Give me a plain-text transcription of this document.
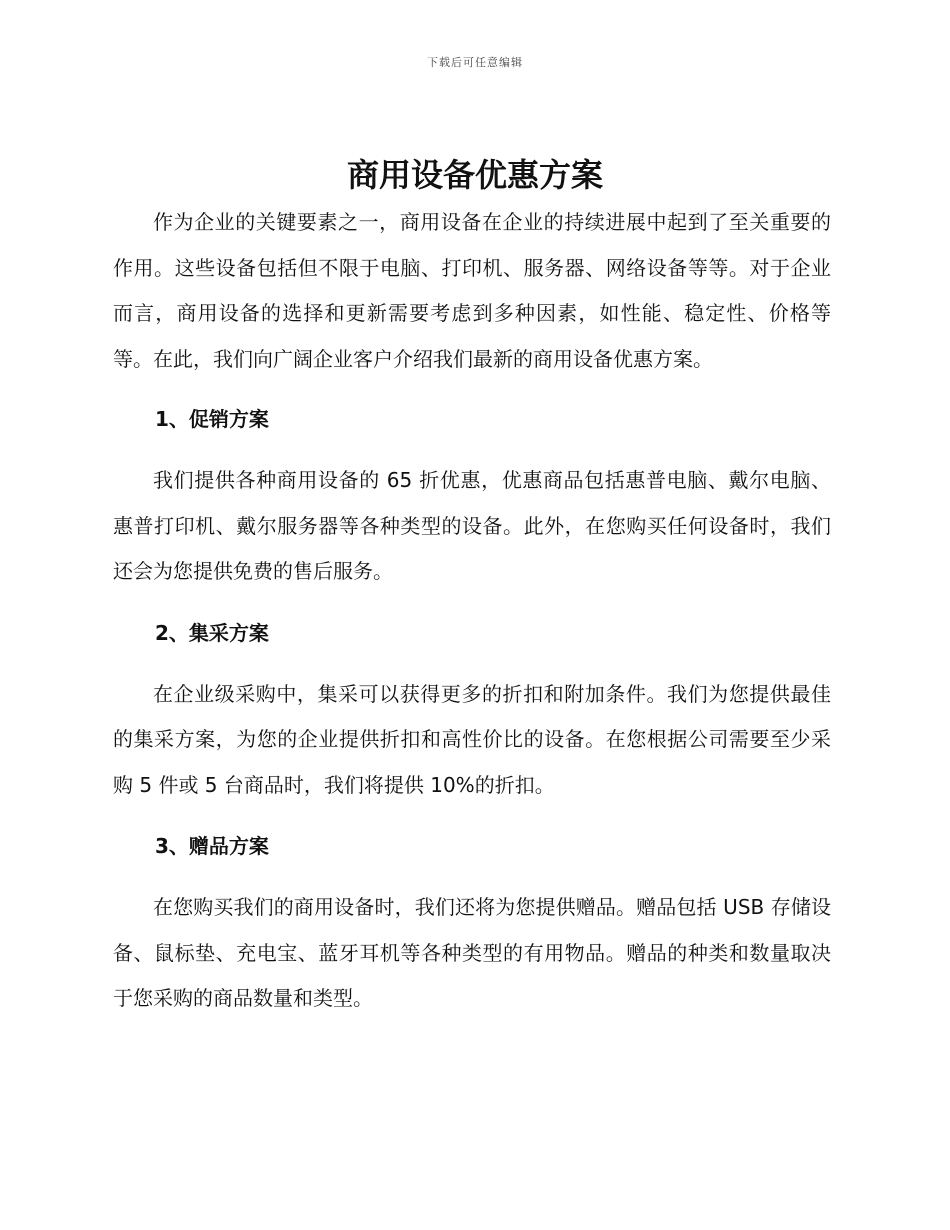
下载后可任意编辑
商用设备优惠方案

作为企业的关键要素之一，商用设备在企业的持续进展中起到了至关重要的作用。这些设备包括但不限于电脑、打印机、服务器、网络设备等等。对于企业而言，商用设备的选择和更新需要考虑到多种因素，如性能、稳定性、价格等等。在此，我们向广阔企业客户介绍我们最新的商用设备优惠方案。

1、促销方案

我们提供各种商用设备的 65 折优惠，优惠商品包括惠普电脑、戴尔电脑、惠普打印机、戴尔服务器等各种类型的设备。此外，在您购买任何设备时，我们还会为您提供免费的售后服务。

2、集采方案

在企业级采购中，集采可以获得更多的折扣和附加条件。我们为您提供最佳的集采方案，为您的企业提供折扣和高性价比的设备。在您根据公司需要至少采购 5 件或 5 台商品时，我们将提供 10%的折扣。

3、赠品方案

在您购买我们的商用设备时，我们还将为您提供赠品。赠品包括 USB 存储设备、鼠标垫、充电宝、蓝牙耳机等各种类型的有用物品。赠品的种类和数量取决于您采购的商品数量和类型。
